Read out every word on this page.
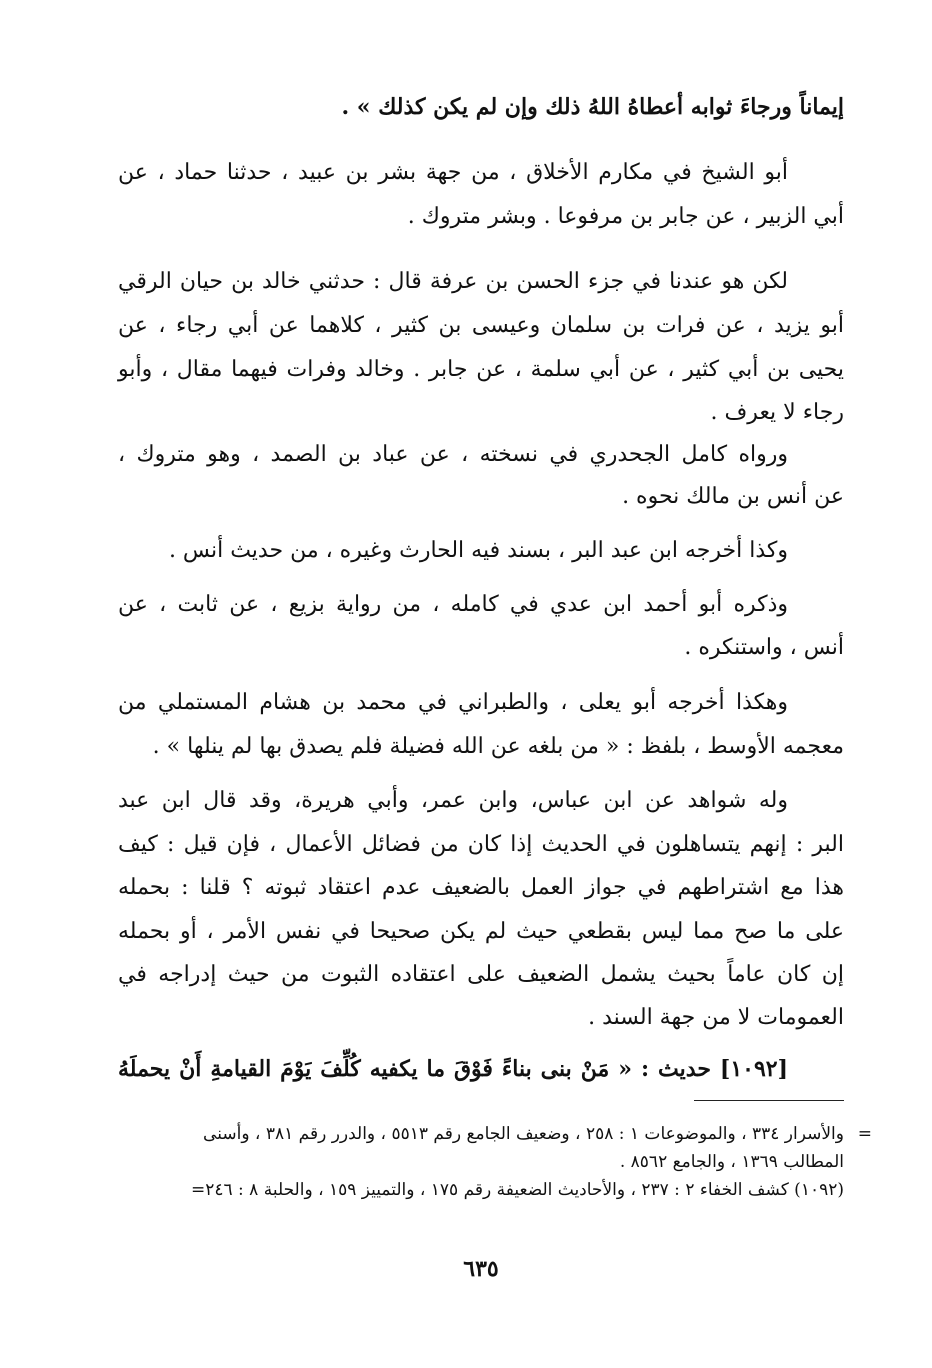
إيماناً ورجاءَ ثوابه أعطاهُ اللهُ ذلك وإن لم يكن كذلك » .
أبو الشيخ في مكارم الأخلاق ، من جهة بشر بن عبيد ، حدثنا حماد ، عن
أبي الزبير ، عن جابر بن مرفوعا . وبشر متروك .
لكن هو عندنا في جزء الحسن بن عرفة قال : حدثني خالد بن حيان الرقي
أبو يزيد ، عن فرات بن سلمان وعيسى بن كثير ، كلاهما عن أبي رجاء ، عن
يحيى بن أبي كثير ، عن أبي سلمة ، عن جابر . وخالد وفرات فيهما مقال ، وأبو
رجاء لا يعرف .
ورواه كامل الجحدري في نسخته ، عن عباد بن الصمد ، وهو متروك ،
عن أنس بن مالك نحوه .
وكذا أخرجه ابن عبد البر ، بسند فيه الحارث وغيره ، من حديث أنس .
وذكره أبو أحمد ابن عدي في كامله ، من رواية بزيع ، عن ثابت ، عن
أنس ، واستنكره .
وهكذا أخرجه أبو يعلى ، والطبراني في محمد بن هشام المستملي من
معجمه الأوسط ، بلفظ : « من بلغه عن الله فضيلة فلم يصدق بها لم ينلها » .
وله شواهد عن ابن عباس، وابن عمر، وأبي هريرة، وقد قال ابن عبد
البر : إنهم يتساهلون في الحديث إذا كان من فضائل الأعمال ، فإن قيل : كيف
هذا مع اشتراطهم في جواز العمل بالضعيف عدم اعتقاد ثبوته ؟ قلنا : بحمله
على ما صح مما ليس بقطعي حيث لم يكن صحيحا في نفس الأمر ، أو بحمله
إن كان عاماً بحيث يشمل الضعيف على اعتقاده الثبوت من حيث إدراجه في
العمومات لا من جهة السند .
[١٠٩٢] حديث : « مَنْ بنى بناءً فَوْقَ ما يكفيه كُلِّفَ يَوْمَ القيامةِ أَنْ يحملَهُ
=
والأسرار ٣٣٤ ، والموضوعات ١ : ٢٥٨ ، وضعيف الجامع رقم ٥٥١٣ ، والدرر رقم ٣٨١ ، وأسنى
المطالب ١٣٦٩ ، والجامع ٨٥٦٢ .
(١٠٩٢) كشف الخفاء ٢ : ٢٣٧ ، والأحاديث الضعيفة رقم ١٧٥ ، والتمييز ١٥٩ ، والحلبة ٨ : ٢٤٦=
٦٣٥
